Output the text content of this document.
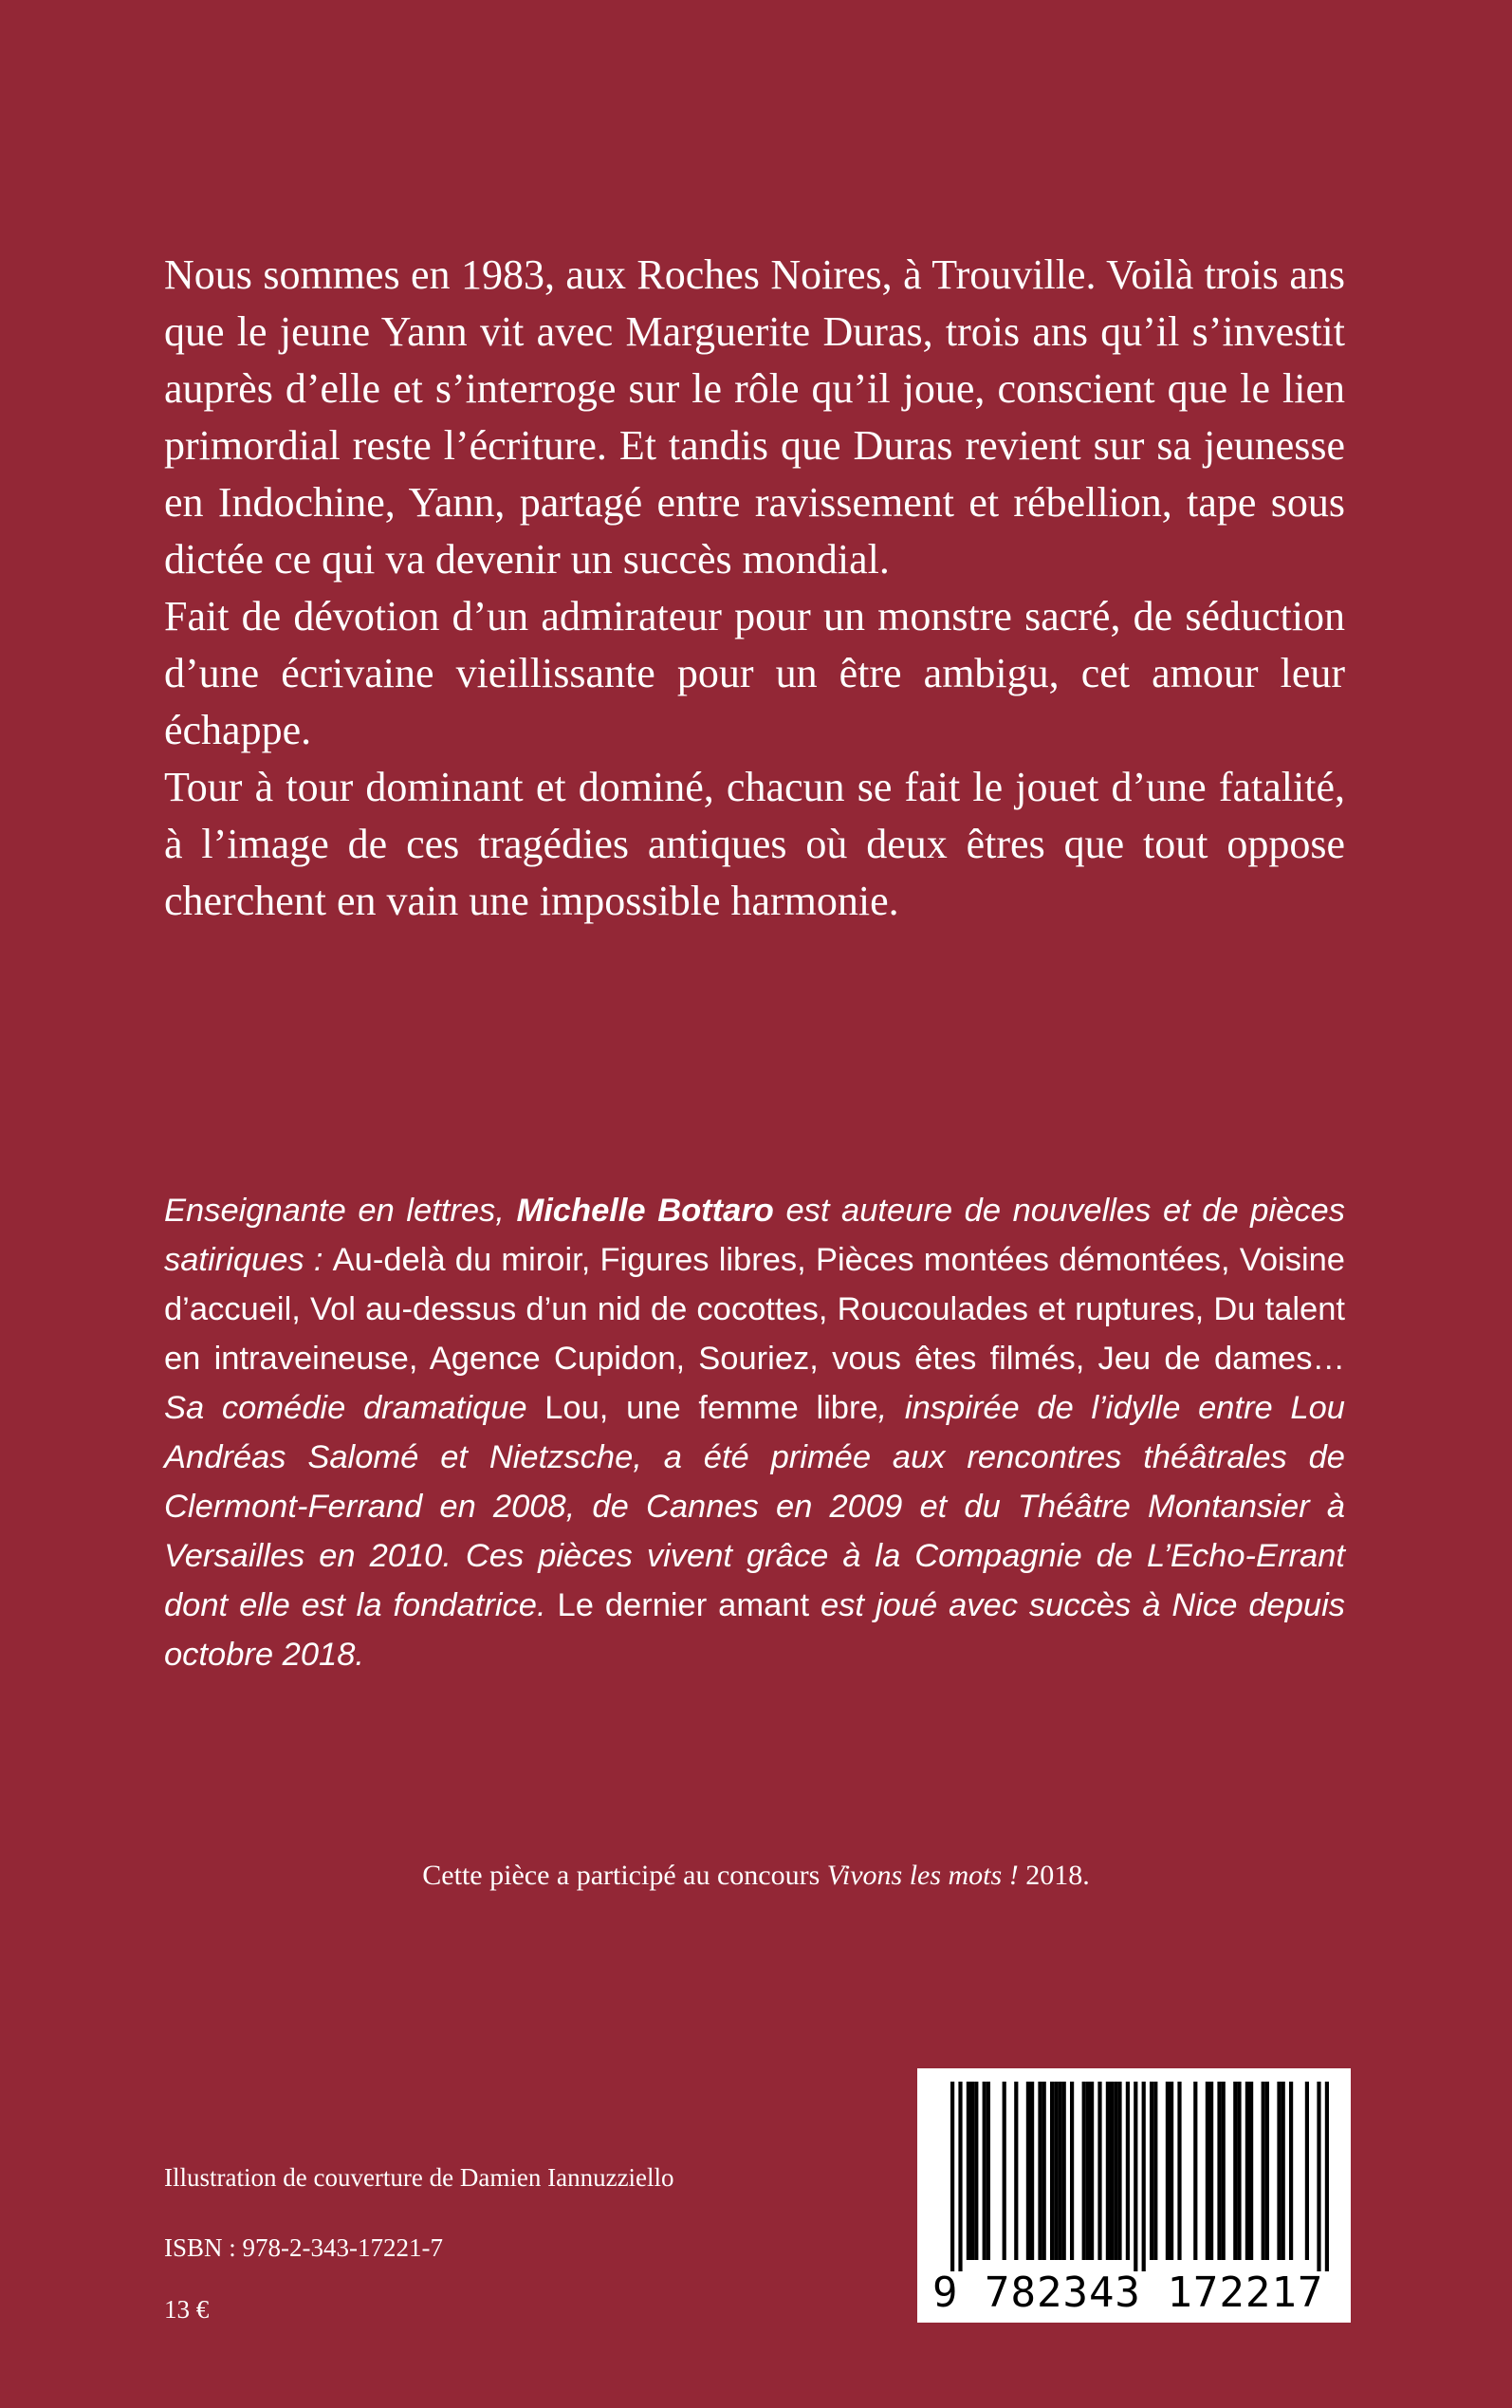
Nous sommes en 1983, aux Roches Noires, à Trouville. Voilà trois ans que le jeune Yann vit avec Marguerite Duras, trois ans qu’il s’investit auprès d’elle et s’interroge sur le rôle qu’il joue, conscient que le lien primordial reste l’écriture. Et tandis que Duras revient sur sa jeunesse en Indochine, Yann, partagé entre ravissement et rébellion, tape sous dictée ce qui va devenir un succès mondial.

Fait de dévotion d’un admirateur pour un monstre sacré, de séduction d’une écrivaine vieillissante pour un être ambigu, cet amour leur échappe.

Tour à tour dominant et dominé, chacun se fait le jouet d’une fatalité, à l’image de ces tragédies antiques où deux êtres que tout oppose cherchent en vain une impossible harmonie.

Enseignante en lettres, Michelle Bottaro est auteure de nouvelles et de pièces satiriques : Au-delà du miroir, Figures libres, Pièces montées démontées, Voisine d’accueil, Vol au-dessus d’un nid de cocottes, Roucoulades et ruptures, Du talent en intraveineuse, Agence Cupidon, Souriez, vous êtes filmés, Jeu de dames… Sa comédie dramatique Lou, une femme libre, inspirée de l’idylle entre Lou Andréas Salomé et Nietzsche, a été primée aux rencontres théâtrales de Clermont-Ferrand en 2008, de Cannes en 2009 et du Théâtre Montansier à Versailles en 2010. Ces pièces vivent grâce à la Compagnie de L’Echo-Errant dont elle est la fondatrice. Le dernier amant est joué avec succès à Nice depuis octobre 2018.

Cette pièce a participé au concours Vivons les mots ! 2018.
Illustration de couverture de Damien Iannuzziello
ISBN : 978-2-343-17221-7
13 €	9 782343 172217
